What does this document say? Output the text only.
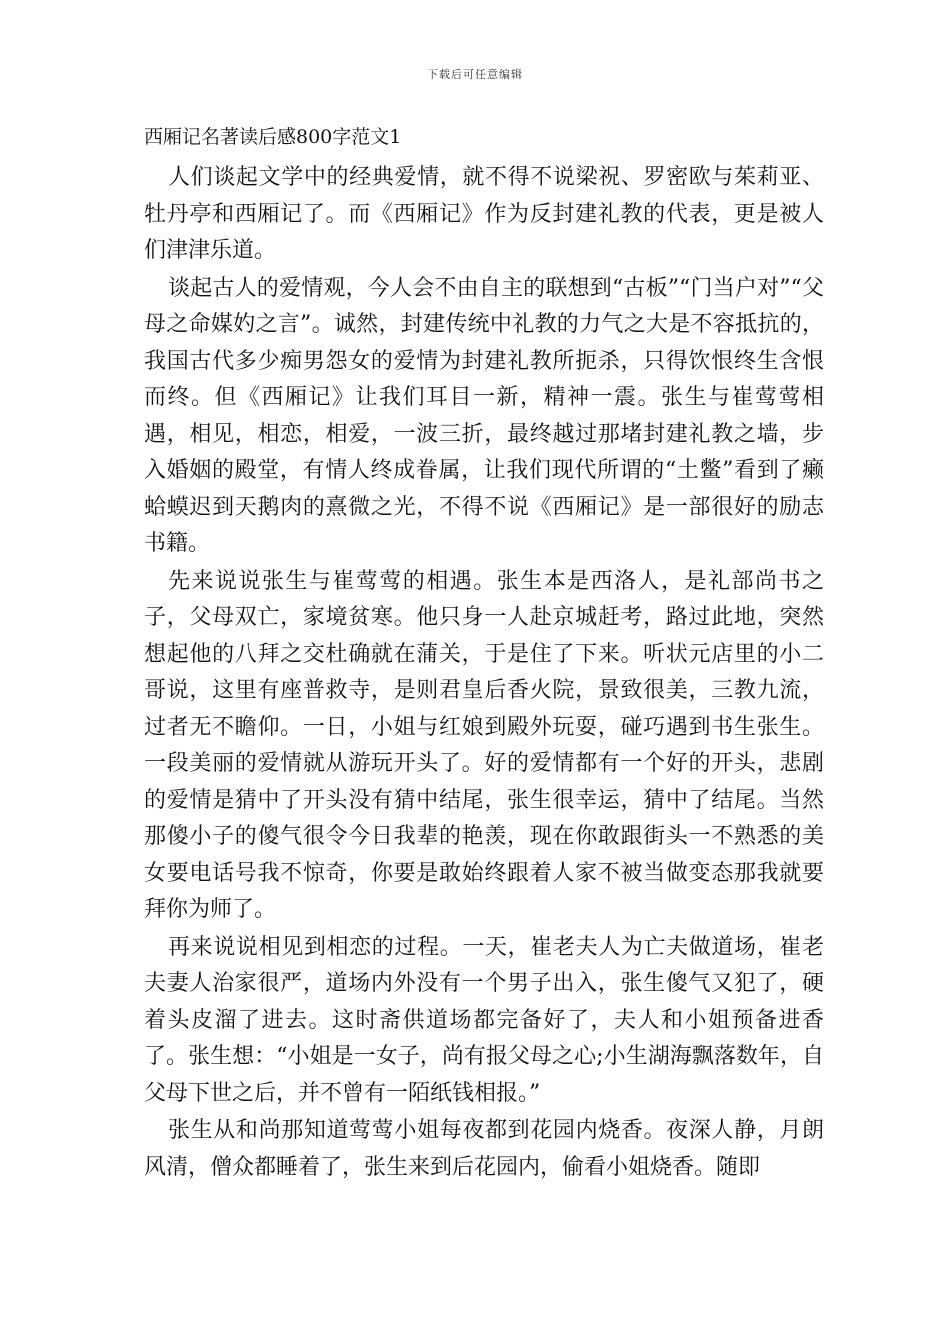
下载后可任意编辑
西厢记名著读后感800字范文1

人们谈起文学中的经典爱情，就不得不说梁祝、罗密欧与茱莉亚、牡丹亭和西厢记了。而《西厢记》作为反封建礼教的代表，更是被人们津津乐道。

谈起古人的爱情观，今人会不由自主的联想到“古板”“门当户对”“父母之命媒妁之言”。诚然，封建传统中礼教的力气之大是不容抵抗的，我国古代多少痴男怨女的爱情为封建礼教所扼杀，只得饮恨终生含恨而终。但《西厢记》让我们耳目一新，精神一震。张生与崔莺莺相遇，相见，相恋，相爱，一波三折，最终越过那堵封建礼教之墙，步入婚姻的殿堂，有情人终成眷属，让我们现代所谓的“土鳖”看到了癞蛤蟆迟到天鹅肉的熹微之光，不得不说《西厢记》是一部很好的励志书籍。

先来说说张生与崔莺莺的相遇。张生本是西洛人，是礼部尚书之子，父母双亡，家境贫寒。他只身一人赴京城赶考，路过此地，突然想起他的八拜之交杜确就在蒲关，于是住了下来。听状元店里的小二哥说，这里有座普救寺，是则君皇后香火院，景致很美，三教九流，过者无不瞻仰。一日，小姐与红娘到殿外玩耍，碰巧遇到书生张生。一段美丽的爱情就从游玩开头了。好的爱情都有一个好的开头，悲剧的爱情是猜中了开头没有猜中结尾，张生很幸运，猜中了结尾。当然那傻小子的傻气很令今日我辈的艳羡，现在你敢跟街头一不熟悉的美女要电话号我不惊奇，你要是敢始终跟着人家不被当做变态那我就要拜你为师了。

再来说说相见到相恋的过程。一天，崔老夫人为亡夫做道场，崔老夫妻人治家很严，道场内外没有一个男子出入，张生傻气又犯了，硬着头皮溜了进去。这时斋供道场都完备好了，夫人和小姐预备进香了。张生想：“小姐是一女子，尚有报父母之心;小生湖海飘落数年，自父母下世之后，并不曾有一陌纸钱相报。”

张生从和尚那知道莺莺小姐每夜都到花园内烧香。夜深人静，月朗风清，僧众都睡着了，张生来到后花园内，偷看小姐烧香。随即
